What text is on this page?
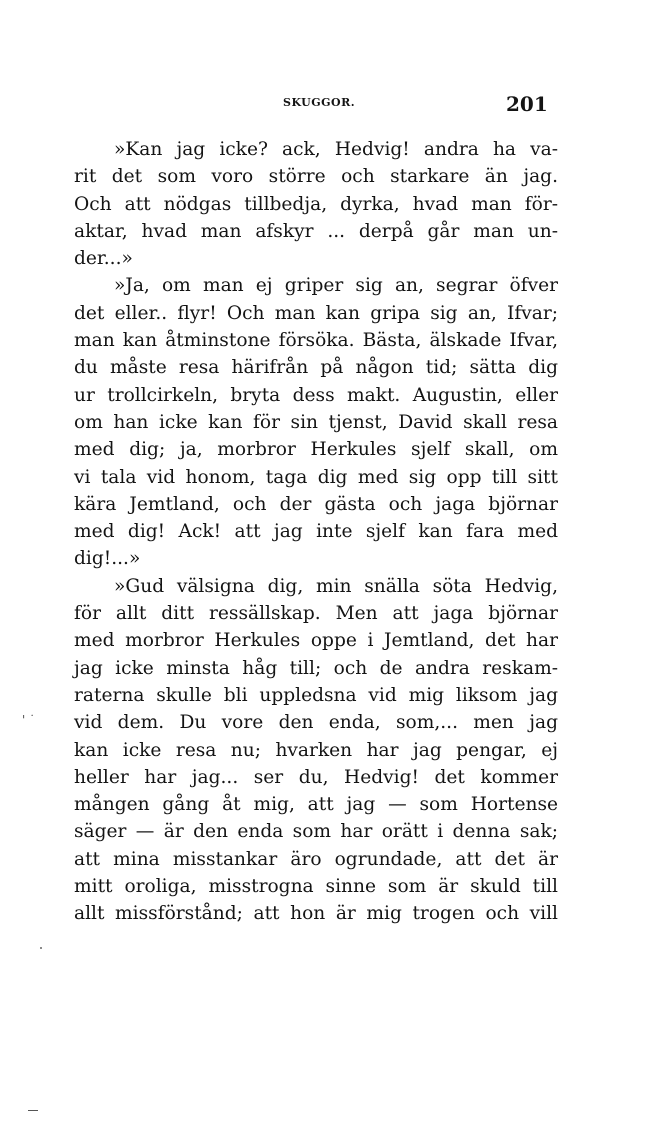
SKUGGOR.	201
»Kan jag icke? ack, Hedvig! andra ha va-
rit det som voro större och starkare än jag.
Och att nödgas tillbedja, dyrka, hvad man för-
aktar, hvad man afskyr ... derpå går man un-
der...»
»Ja, om man ej griper sig an, segrar öfver
det eller.. flyr! Och man kan gripa sig an, Ifvar;
man kan åtminstone försöka. Bästa, älskade Ifvar,
du måste resa härifrån på någon tid; sätta dig
ur trollcirkeln, bryta dess makt. Augustin, eller
om han icke kan för sin tjenst, David skall resa
med dig; ja, morbror Herkules sjelf skall, om
vi tala vid honom, taga dig med sig opp till sitt
kära Jemtland, och der gästa och jaga björnar
med dig! Ack! att jag inte sjelf kan fara med
dig!...»
»Gud välsigna dig, min snälla söta Hedvig,
för allt ditt ressällskap. Men att jaga björnar
med morbror Herkules oppe i Jemtland, det har
jag icke minsta håg till; och de andra reskam-
raterna skulle bli uppledsna vid mig liksom jag
vid dem. Du vore den enda, som,... men jag
kan icke resa nu; hvarken har jag pengar, ej
heller har jag... ser du, Hedvig! det kommer
mången gång åt mig, att jag — som Hortense
säger — är den enda som har orätt i denna sak;
att mina misstankar äro ogrundade, att det är
mitt oroliga, misstrogna sinne som är skuld till
allt missförstånd; att hon är mig trogen och vill
' ˙
